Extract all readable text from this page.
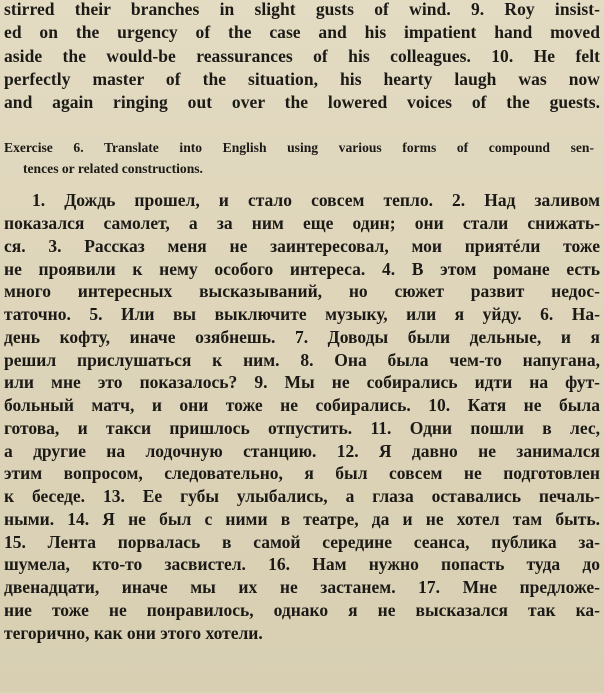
stirred their branches in slight gusts of wind. 9. Roy insist-
ed on the urgency of the case and his impatient hand moved
aside the would-be reassurances of his colleagues. 10. He felt
perfectly master of the situation, his hearty laugh was now
and again ringing out over the lowered voices of the guests.
Exercise 6. Translate into English using various forms of compound sen-
tences or related constructions.
1. Дождь прошел, и стало совсем тепло. 2. Над заливом
показался самолет, а за ним еще один; они стали снижать-
ся. 3. Рассказ меня не заинтересовал, мои приятéли тоже
не проявили к нему особого интереса. 4. В этом романе есть
много интересных высказываний, но сюжет развит недос-
таточно. 5. Или вы выключите музыку, или я уйду. 6. На-
день кофту, иначе озябнешь. 7. Доводы были дельные, и я
решил прислушаться к ним. 8. Она была чем-то напугана,
или мне это показалось? 9. Мы не собирались идти на фут-
больный матч, и они тоже не собирались. 10. Катя не была
готова, и такси пришлось отпустить. 11. Одни пошли в лес,
а другие на лодочную станцию. 12. Я давно не занимался
этим вопросом, следовательно, я был совсем не подготовлен
к беседе. 13. Ее губы улыбались, а глаза оставались печаль-
ными. 14. Я не был с ними в театре, да и не хотел там быть.
15. Лента порвалась в самой середине сеанса, публика за-
шумела, кто-то засвистел. 16. Нам нужно попасть туда до
двенадцати, иначе мы их не застанем. 17. Мне предложе-
ние тоже не понравилось, однако я не высказался так ка-
тегорично, как они этого хотели.
